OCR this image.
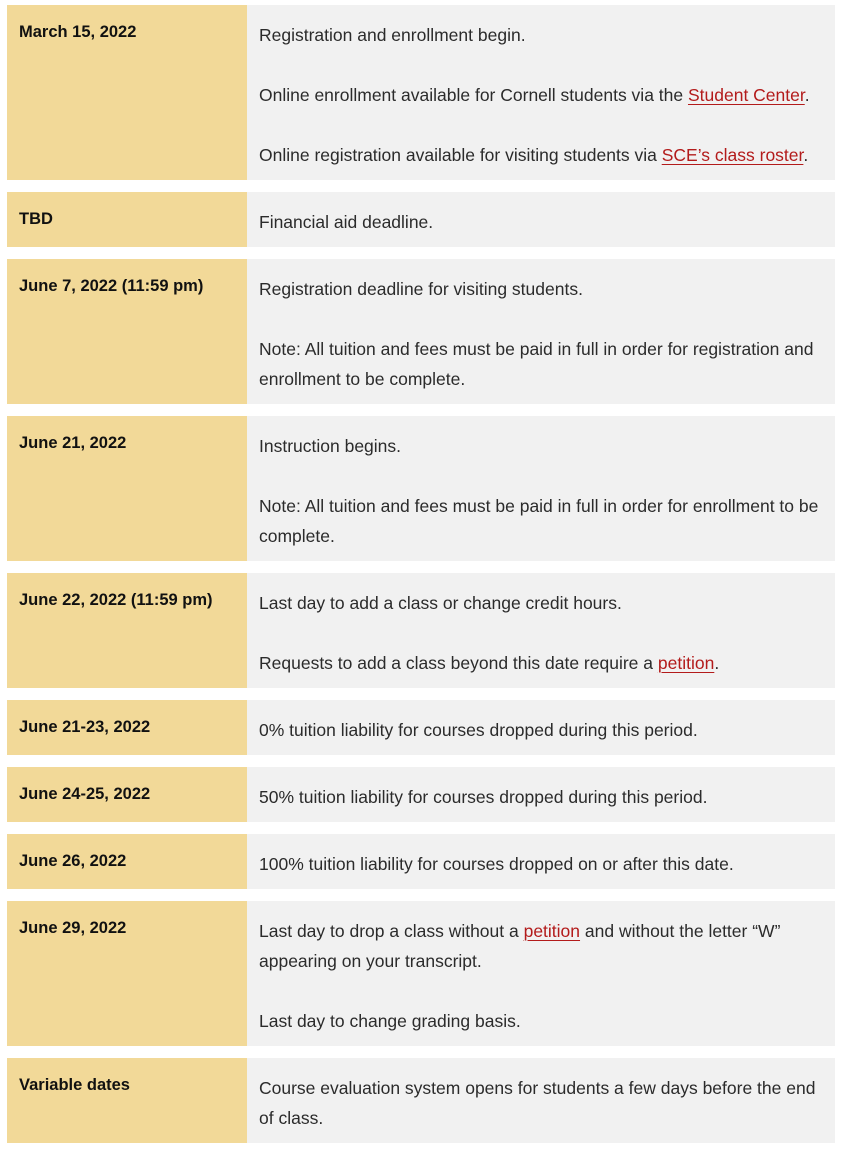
March 15, 2022	Registration and enrollment begin.

Online enrollment available for Cornell students via the Student Center.

Online registration available for visiting students via SCE’s class roster.

TBD	Financial aid deadline.

June 7, 2022 (11:59 pm)	Registration deadline for visiting students.

Note: All tuition and fees must be paid in full in order for registration and enrollment to be complete.

June 21, 2022	Instruction begins.

Note: All tuition and fees must be paid in full in order for enrollment to be complete.

June 22, 2022 (11:59 pm)	Last day to add a class or change credit hours.

Requests to add a class beyond this date require a petition.

June 21-23, 2022	0% tuition liability for courses dropped during this period.

June 24-25, 2022	50% tuition liability for courses dropped during this period.

June 26, 2022	100% tuition liability for courses dropped on or after this date.

June 29, 2022	Last day to drop a class without a petition and without the letter “W” appearing on your transcript.

Last day to change grading basis.

Variable dates	Course evaluation system opens for students a few days before the end of class.
